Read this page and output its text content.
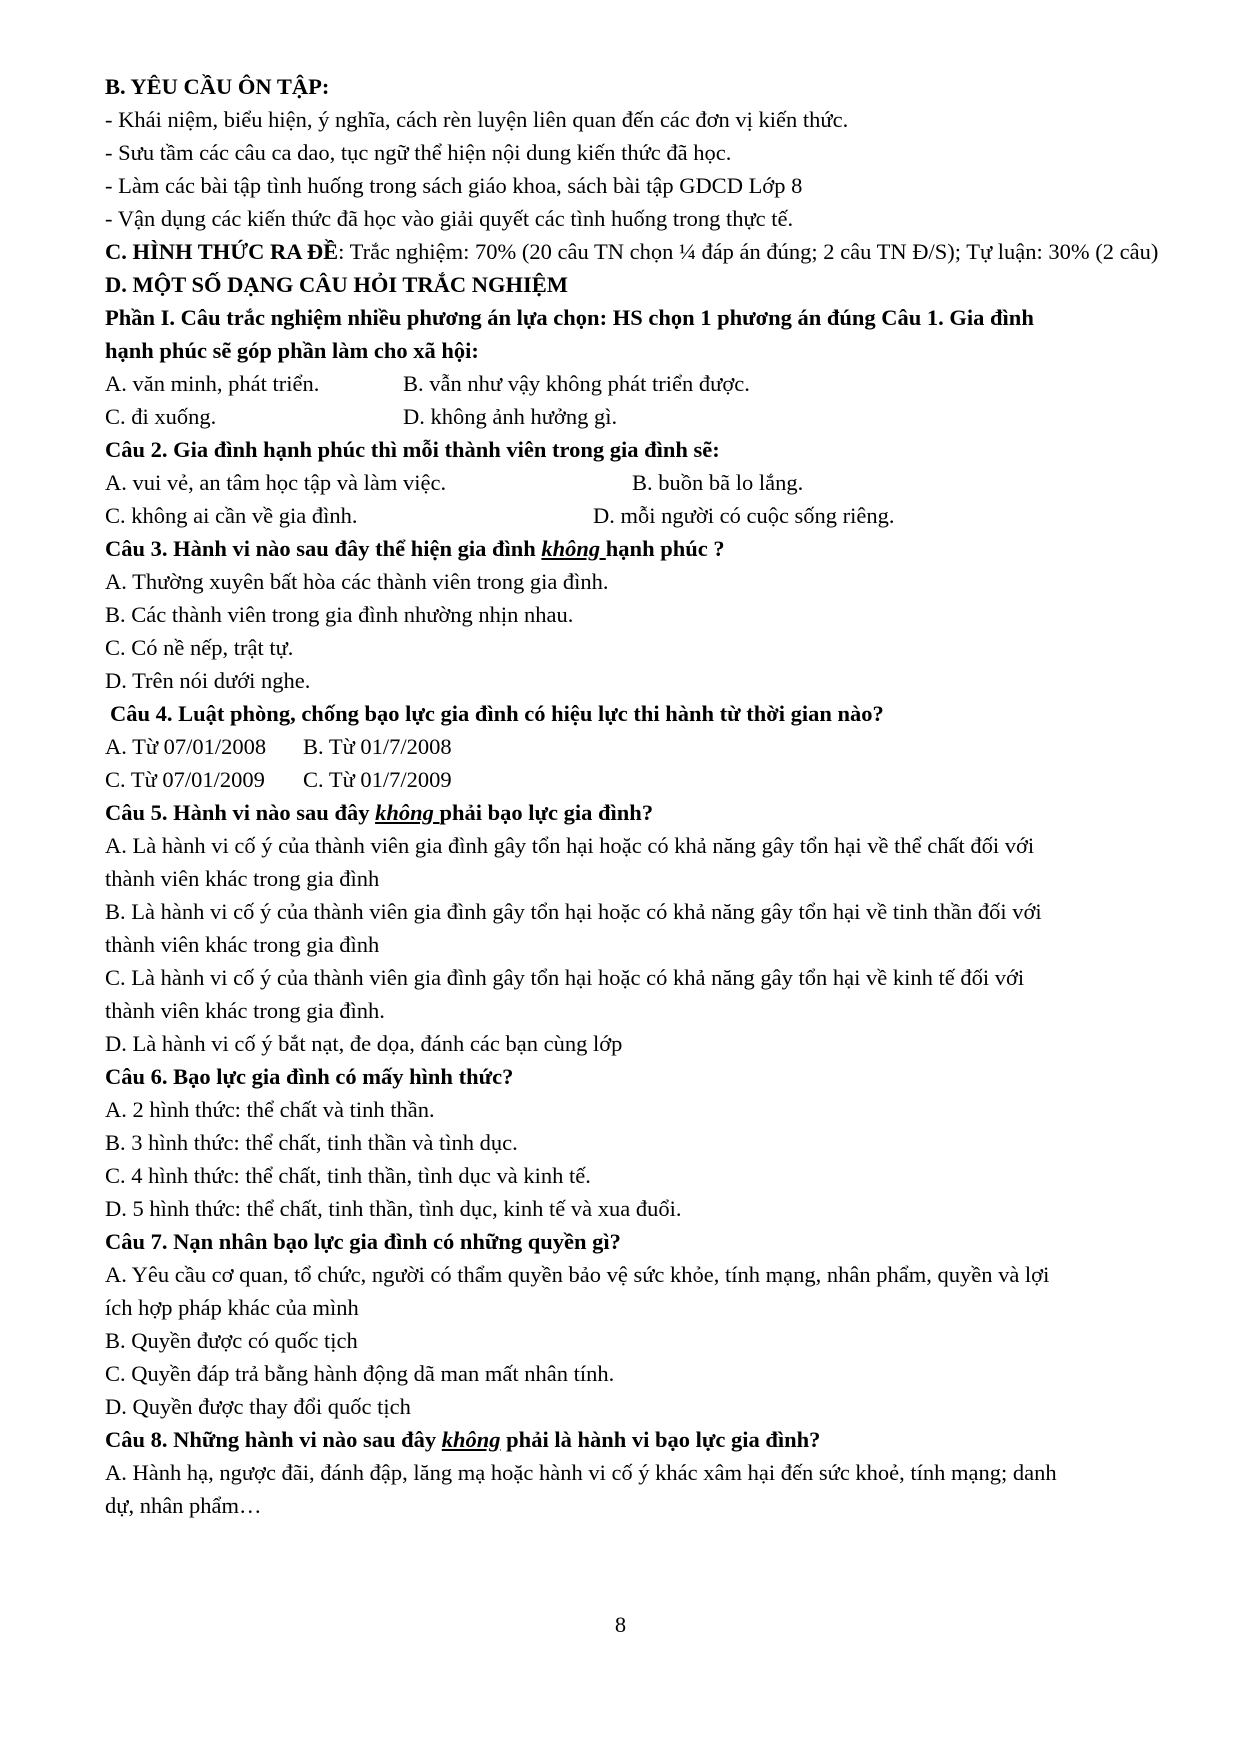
B. YÊU CẦU ÔN TẬP:
- Khái niệm, biểu hiện, ý nghĩa, cách rèn luyện liên quan đến các đơn vị kiến thức.
- Sưu tầm các câu ca dao, tục ngữ thể hiện nội dung kiến thức đã học.
- Làm các bài tập tình huống trong sách giáo khoa, sách bài tập GDCD Lớp 8
- Vận dụng các kiến thức đã học vào giải quyết các tình huống trong thực tế.
C. HÌNH THỨC RA ĐỀ: Trắc nghiệm: 70% (20 câu TN chọn ¼ đáp án đúng; 2 câu TN Đ/S); Tự luận: 30% (2 câu)
D. MỘT SỐ DẠNG CÂU HỎI TRẮC NGHIỆM
Phần I. Câu trắc nghiệm nhiều phương án lựa chọn: HS chọn 1 phương án đúng Câu 1. Gia đình
hạnh phúc sẽ góp phần làm cho xã hội:
A. văn minh, phát triển.	B. vẫn như vậy không phát triển được.
C. đi xuống.	D. không ảnh hưởng gì.
Câu 2. Gia đình hạnh phúc thì mỗi thành viên trong gia đình sẽ:
A. vui vẻ, an tâm học tập và làm việc.	B. buồn bã lo lắng.
C. không ai cần về gia đình.	D. mỗi người có cuộc sống riêng.
Câu 3. Hành vi nào sau đây thể hiện gia đình không hạnh phúc ?
A. Thường xuyên bất hòa các thành viên trong gia đình.
B. Các thành viên trong gia đình nhường nhịn nhau.
C. Có nề nếp, trật tự.
D. Trên nói dưới nghe.
Câu 4. Luật phòng, chống bạo lực gia đình có hiệu lực thi hành từ thời gian nào?
A. Từ 07/01/2008	B. Từ 01/7/2008
C. Từ 07/01/2009	C. Từ 01/7/2009
Câu 5. Hành vi nào sau đây không phải bạo lực gia đình?
A. Là hành vi cố ý của thành viên gia đình gây tổn hại hoặc có khả năng gây tổn hại về thể chất đối với
thành viên khác trong gia đình
B. Là hành vi cố ý của thành viên gia đình gây tổn hại hoặc có khả năng gây tổn hại về tinh thần đối với
thành viên khác trong gia đình
C. Là hành vi cố ý của thành viên gia đình gây tổn hại hoặc có khả năng gây tổn hại về kinh tế đối với
thành viên khác trong gia đình.
D. Là hành vi cố ý bắt nạt, đe dọa, đánh các bạn cùng lớp
Câu 6. Bạo lực gia đình có mấy hình thức?
A. 2 hình thức: thể chất và tinh thần.
B. 3 hình thức: thể chất, tinh thần và tình dục.
C. 4 hình thức: thể chất, tinh thần, tình dục và kinh tế.
D. 5 hình thức: thể chất, tinh thần, tình dục, kinh tế và xua đuổi.
Câu 7. Nạn nhân bạo lực gia đình có những quyền gì?
A. Yêu cầu cơ quan, tổ chức, người có thẩm quyền bảo vệ sức khỏe, tính mạng, nhân phẩm, quyền và lợi
ích hợp pháp khác của mình
B. Quyền được có quốc tịch
C. Quyền đáp trả bằng hành động dã man mất nhân tính.
D. Quyền được thay đổi quốc tịch
Câu 8. Những hành vi nào sau đây không phải là hành vi bạo lực gia đình?
A. Hành hạ, ngược đãi, đánh đập, lăng mạ hoặc hành vi cố ý khác xâm hại đến sức khoẻ, tính mạng; danh
dự, nhân phẩm…
8
